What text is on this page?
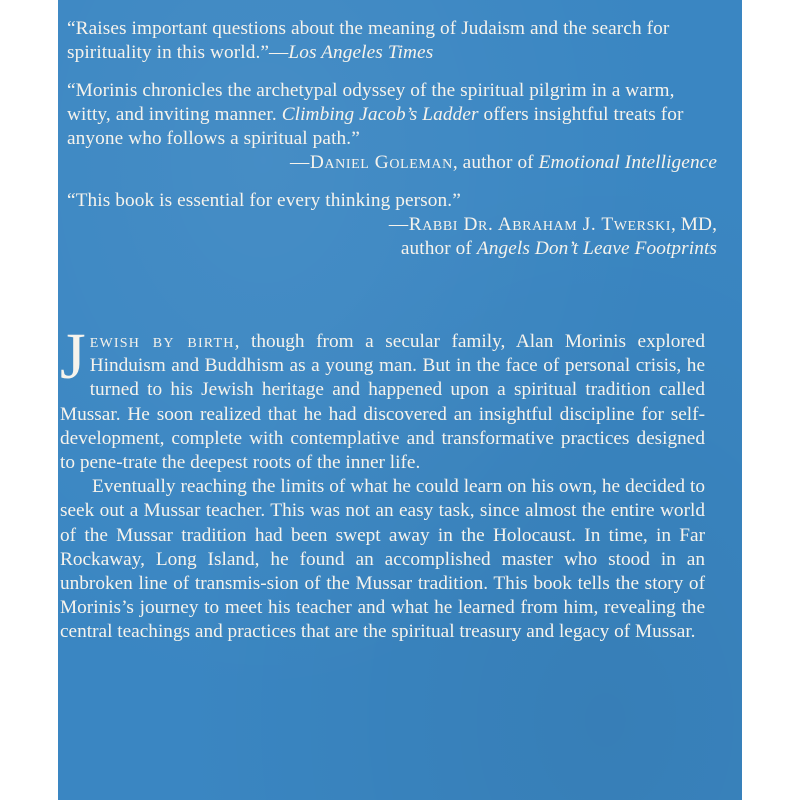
“Raises important questions about the meaning of Judaism and the search for spirituality in this world.”—Los Angeles Times

“Morinis chronicles the archetypal odyssey of the spiritual pilgrim in a warm, witty, and inviting manner. Climbing Jacob’s Ladder offers insightful treats for anyone who follows a spiritual path.”

—Daniel Goleman, author of Emotional Intelligence

“This book is essential for every thinking person.”

—Rabbi Dr. Abraham J. Twerski, MD,

author of Angels Don’t Leave Footprints

Jewish by birth, though from a secular family, Alan Morinis explored Hinduism and Buddhism as a young man. But in the face of personal crisis, he turned to his Jewish heritage and happened upon a spiritual tradition called Mussar. He soon realized that he had discovered an insightful discipline for self-development, complete with contemplative and transformative practices designed to pene-trate the deepest roots of the inner life.

Eventually reaching the limits of what he could learn on his own, he decided to seek out a Mussar teacher. This was not an easy task, since almost the entire world of the Mussar tradition had been swept away in the Holocaust. In time, in Far Rockaway, Long Island, he found an accomplished master who stood in an unbroken line of transmis-sion of the Mussar tradition. This book tells the story of Morinis’s journey to meet his teacher and what he learned from him, revealing the central teachings and practices that are the spiritual treasury and legacy of Mussar.
